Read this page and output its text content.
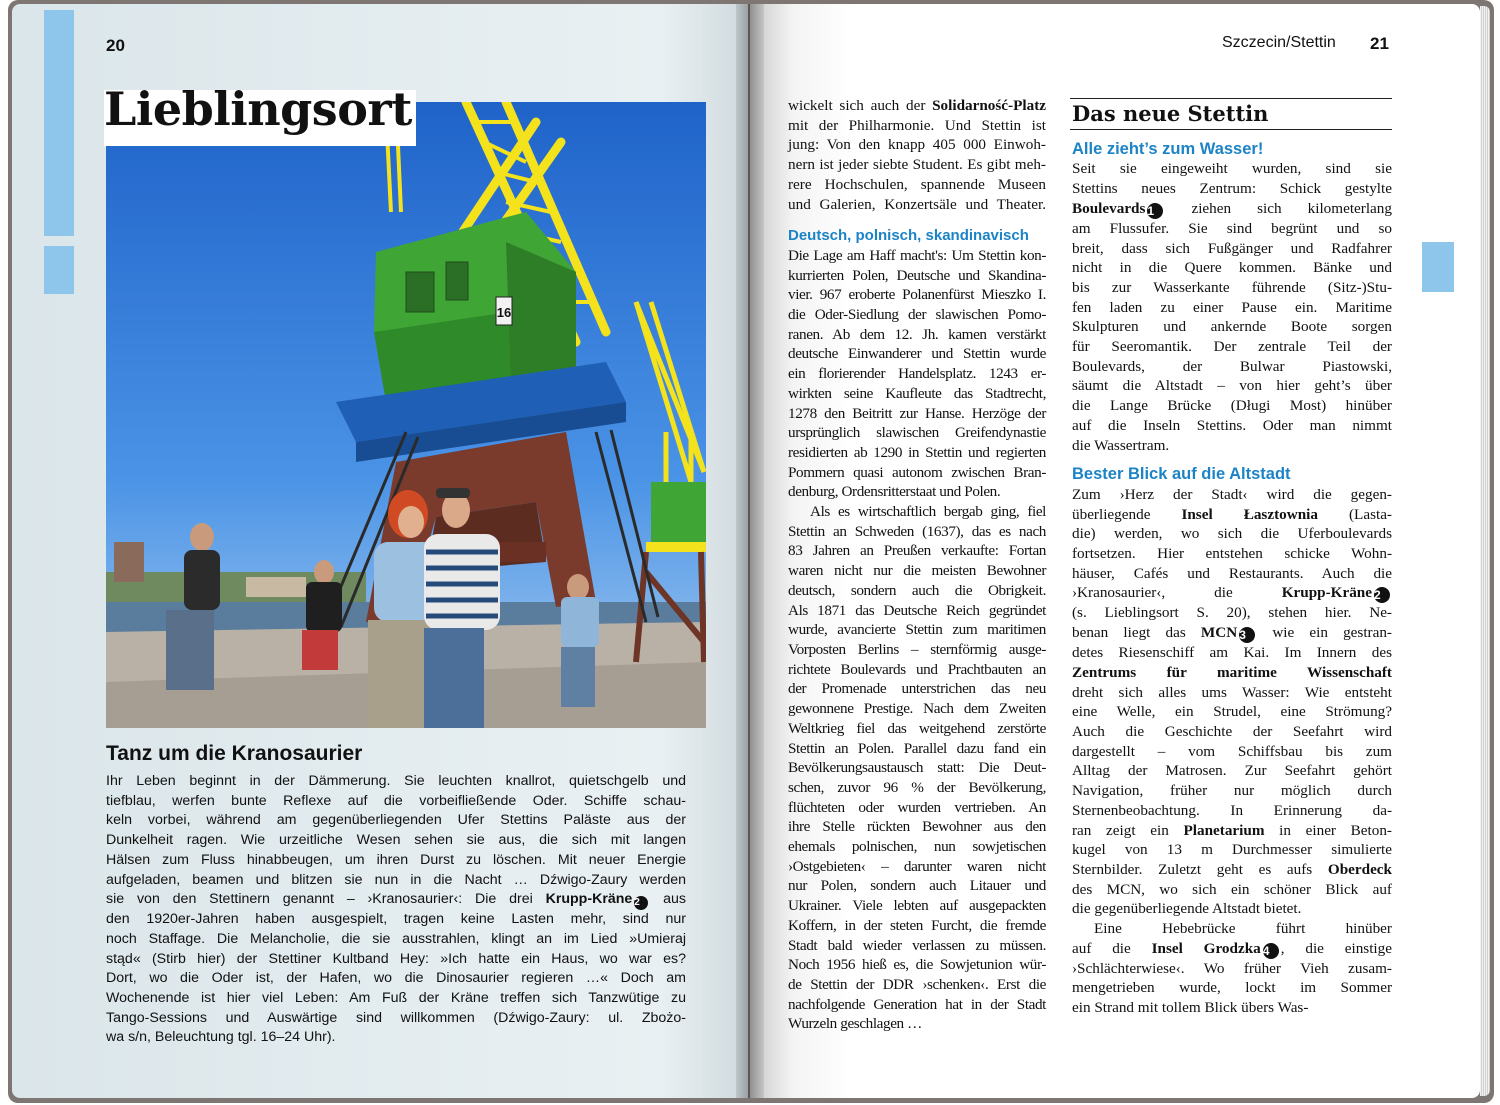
20
16
Lieblingsort
Tanz um die Kranosaurier
Ihr Leben beginnt in der Dämmerung. Sie leuchten knallrot, quietschgelb und
tiefblau, werfen bunte Reflexe auf die vorbeifließende Oder. Schiffe schau-
keln vorbei, während am gegenüberliegenden Ufer Stettins Paläste aus der
Dunkelheit ragen. Wie urzeitliche Wesen sehen sie aus, die sich mit langen
Hälsen zum Fluss hinabbeugen, um ihren Durst zu löschen. Mit neuer Energie
aufgeladen, beamen und blitzen sie nun in die Nacht … Dźwigo-Zaury werden
sie von den Stettinern genannt – ›Kranosaurier‹: Die drei Krupp-Kräne 2 aus
den 1920er-Jahren haben ausgespielt, tragen keine Lasten mehr, sind nur
noch Staffage. Die Melancholie, die sie ausstrahlen, klingt an im Lied »Umieraj
stąd« (Stirb hier) der Stettiner Kultband Hey: »Ich hatte ein Haus, wo war es?
Dort, wo die Oder ist, der Hafen, wo die Dinosaurier regieren …« Doch am
Wochenende ist hier viel Leben: Am Fuß der Kräne treffen sich Tanzwütige zu
Tango-Sessions und Auswärtige sind willkommen (Dźwigo-Zaury: ul. Zbożo-
wa s/n, Beleuchtung tgl. 16–24 Uhr).
Szczecin/Stettin 21
wickelt sich auch der Solidarność-Platz
mit der Philharmonie. Und Stettin ist
jung: Von den knapp 405 000 Einwoh-
nern ist jeder siebte Student. Es gibt meh-
rere Hochschulen, spannende Museen
und Galerien, Konzertsäle und Theater.
Deutsch, polnisch, skandinavisch
Die Lage am Haff macht's: Um Stettin kon-
kurrierten Polen, Deutsche und Skandina-
vier. 967 eroberte Polanenfürst Mieszko I.
die Oder-Siedlung der slawischen Pomo-
ranen. Ab dem 12. Jh. kamen verstärkt
deutsche Einwanderer und Stettin wurde
ein florierender Handelsplatz. 1243 er-
wirkten seine Kaufleute das Stadtrecht,
1278 den Beitritt zur Hanse. Herzöge der
ursprünglich slawischen Greifendynastie
residierten ab 1290 in Stettin und regierten
Pommern quasi autonom zwischen Bran-
denburg, Ordensritterstaat und Polen.
Als es wirtschaftlich bergab ging, fiel
Stettin an Schweden (1637), das es nach
83 Jahren an Preußen verkaufte: Fortan
waren nicht nur die meisten Bewohner
deutsch, sondern auch die Obrigkeit.
Als 1871 das Deutsche Reich gegründet
wurde, avancierte Stettin zum maritimen
Vorposten Berlins – sternförmig ausge-
richtete Boulevards und Prachtbauten an
der Promenade unterstrichen das neu
gewonnene Prestige. Nach dem Zweiten
Weltkrieg fiel das weitgehend zerstörte
Stettin an Polen. Parallel dazu fand ein
Bevölkerungsaustausch statt: Die Deut-
schen, zuvor 96 % der Bevölkerung,
flüchteten oder wurden vertrieben. An
ihre Stelle rückten Bewohner aus den
ehemals polnischen, nun sowjetischen
›Ostgebieten‹ – darunter waren nicht
nur Polen, sondern auch Litauer und
Ukrainer. Viele lebten auf ausgepackten
Koffern, in der steten Furcht, die fremde
Stadt bald wieder verlassen zu müssen.
Noch 1956 hieß es, die Sowjetunion wür-
de Stettin der DDR ›schenken‹. Erst die
nachfolgende Generation hat in der Stadt
Wurzeln geschlagen …
Das neue Stettin
Alle zieht’s zum Wasser!
Seit sie eingeweiht wurden, sind sie
Stettins neues Zentrum: Schick gestylte
Boulevards 1 ziehen sich kilometerlang
am Flussufer. Sie sind begrünt und so
breit, dass sich Fußgänger und Radfahrer
nicht in die Quere kommen. Bänke und
bis zur Wasserkante führende (Sitz-)Stu-
fen laden zu einer Pause ein. Maritime
Skulpturen und ankernde Boote sorgen
für Seeromantik. Der zentrale Teil der
Boulevards, der Bulwar Piastowski,
säumt die Altstadt – von hier geht’s über
die Lange Brücke (Długi Most) hinüber
auf die Inseln Stettins. Oder man nimmt
die Wassertram.
Bester Blick auf die Altstadt
Zum ›Herz der Stadt‹ wird die gegen-
überliegende Insel Łasztownia (Lasta-
die) werden, wo sich die Uferboulevards
fortsetzen. Hier entstehen schicke Wohn-
häuser, Cafés und Restaurants. Auch die
›Kranosaurier‹, die Krupp-Kräne 2
(s. Lieblingsort S. 20), stehen hier. Ne-
benan liegt das MCN 3 wie ein gestran-
detes Riesenschiff am Kai. Im Innern des
Zentrums für maritime Wissenschaft
dreht sich alles ums Wasser: Wie entsteht
eine Welle, ein Strudel, eine Strömung?
Auch die Geschichte der Seefahrt wird
dargestellt – vom Schiffsbau bis zum
Alltag der Matrosen. Zur Seefahrt gehört
Navigation, früher nur möglich durch
Sternenbeobachtung. In Erinnerung da-
ran zeigt ein Planetarium in einer Beton-
kugel von 13 m Durchmesser simulierte
Sternbilder. Zuletzt geht es aufs Oberdeck
des MCN, wo sich ein schöner Blick auf
die gegenüberliegende Altstadt bietet.
Eine Hebebrücke führt hinüber
auf die Insel Grodzka 4 , die einstige
›Schlächterwiese‹. Wo früher Vieh zusam-
mengetrieben wurde, lockt im Sommer
ein Strand mit tollem Blick übers Was-
